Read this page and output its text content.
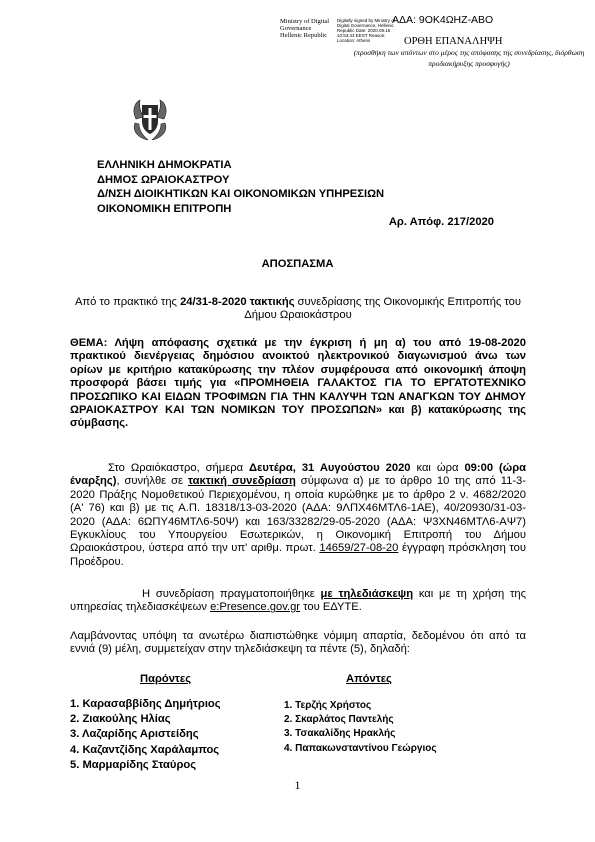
Ministry of Digital
Governance
Hellenic Republic
Digitally signed by Ministry of Digital Governance, Hellenic Republic Date: 2020.09.15 10:53:43 EEST Reason: Location: Athens
ΑΔΑ: 9ΟΚ4ΩΗΖ-ΑΒΟ
ΟΡΘΗ ΕΠΑΝΑΛΗΨΗ
(προσθήκη των απόντων στο μέρος της απόφασης της συνεδρίασης, διόρθωση προδιακήρυξης προσφυγής)
ΕΛΛΗΝΙΚΗ ΔΗΜΟΚΡΑΤΙΑ
ΔΗΜΟΣ ΩΡΑΙΟΚΑΣΤΡΟΥ
Δ/ΝΣΗ ΔΙΟΙΚΗΤΙΚΩΝ ΚΑΙ ΟΙΚΟΝΟΜΙΚΩΝ ΥΠΗΡΕΣΙΩΝ
ΟΙΚΟΝΟΜΙΚΗ ΕΠΙΤΡΟΠΗ
Αρ. Απόφ. 217/2020
ΑΠΟΣΠΑΣΜΑ
Από το πρακτικό της 24/31-8-2020 τακτικής συνεδρίασης της Οικονομικής Επιτροπής του Δήμου Ωραιοκάστρου
ΘΕΜΑ: Λήψη απόφασης σχετικά με την έγκριση ή μη α) του από 19-08-2020 πρακτικού διενέργειας δημόσιου ανοικτού ηλεκτρονικού διαγωνισμού άνω των ορίων με κριτήριο κατακύρωσης την πλέον συμφέρουσα από οικονομική άποψη προσφορά βάσει τιμής για «ΠΡΟΜΗΘΕΙΑ ΓΑΛΑΚΤΟΣ ΓΙΑ ΤΟ ΕΡΓΑΤΟΤΕΧΝΙΚΟ ΠΡΟΣΩΠΙΚΟ ΚΑΙ ΕΙΔΩΝ ΤΡΟΦΙΜΩΝ ΓΙΑ ΤΗΝ ΚΑΛΥΨΗ ΤΩΝ ΑΝΑΓΚΩΝ ΤΟΥ ΔΗΜΟΥ ΩΡΑΙΟΚΑΣΤΡΟΥ ΚΑΙ ΤΩΝ ΝΟΜΙΚΩΝ ΤΟΥ ΠΡΟΣΩΠΩΝ» και β) κατακύρωσης της σύμβασης.
Στο Ωραιόκαστρο, σήμερα Δευτέρα, 31 Αυγούστου 2020 και ώρα 09:00 (ώρα έναρξης), συνήλθε σε τακτική συνεδρίαση σύμφωνα α) με το άρθρο 10 της από 11-3-2020 Πράξης Νομοθετικού Περιεχομένου, η οποία κυρώθηκε με το άρθρο 2 ν. 4682/2020 (Α' 76) και β) με τις Α.Π. 18318/13-03-2020 (ΑΔΑ: 9ΛΠΧ46ΜΤΛ6-1ΑΕ), 40/20930/31-03-2020 (ΑΔΑ: 6ΩΠΥ46ΜΤΛ6-50Ψ) και 163/33282/29-05-2020 (ΑΔΑ: Ψ3ΧΝ46ΜΤΛ6-ΑΨ7) Εγκυκλίους του Υπουργείου Εσωτερικών, η Οικονομική Επιτροπή του Δήμου Ωραιοκάστρου, ύστερα από την υπ' αριθμ. πρωτ. 14659/27-08-20 έγγραφη πρόσκληση του Προέδρου.
Η συνεδρίαση πραγματοποιήθηκε με τηλεδιάσκεψη και με τη χρήση της υπηρεσίας τηλεδιασκέψεων e:Presence.gov.gr του ΕΔΥΤΕ.
Λαμβάνοντας υπόψη τα ανωτέρω διαπιστώθηκε νόμιμη απαρτία, δεδομένου ότι από τα εννιά (9) μέλη, συμμετείχαν στην τηλεδιάσκεψη τα πέντε (5), δηλαδή:
Παρόντες	Απόντες
1. Καρασαββίδης Δημήτριος
2. Ζιακούλης Ηλίας
3. Λαζαρίδης Αριστείδης
4. Καζαντζίδης Χαράλαμπος
5. Μαρμαρίδης Σταύρος
1. Τερζής Χρήστος
2. Σκαρλάτος Παντελής
3. Τσακαλίδης Ηρακλής
4. Παπακωνσταντίνου Γεώργιος
1
